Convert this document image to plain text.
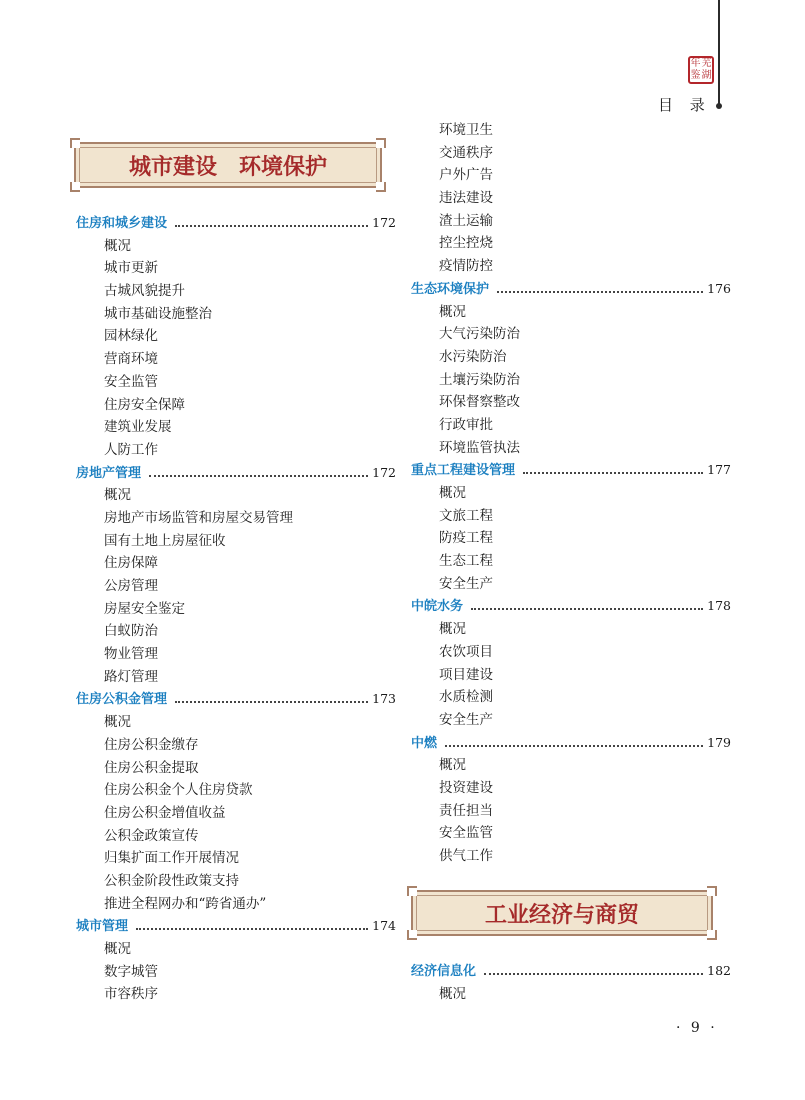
年 芜
鉴 湖
目 录
城市建设　环境保护
住房和城乡建设	172
概况
城市更新
古城风貌提升
城市基础设施整治
园林绿化
营商环境
安全监管
住房安全保障
建筑业发展
人防工作
房地产管理	172
概况
房地产市场监管和房屋交易管理
国有土地上房屋征收
住房保障
公房管理
房屋安全鉴定
白蚁防治
物业管理
路灯管理
住房公积金管理	173
概况
住房公积金缴存
住房公积金提取
住房公积金个人住房贷款
住房公积金增值收益
公积金政策宣传
归集扩面工作开展情况
公积金阶段性政策支持
推进全程网办和“跨省通办”
城市管理	174
概况
数字城管
市容秩序
环境卫生
交通秩序
户外广告
违法建设
渣土运输
控尘控烧
疫情防控
生态环境保护	176
概况
大气污染防治
水污染防治
土壤污染防治
环保督察整改
行政审批
环境监管执法
重点工程建设管理	177
概况
文旅工程
防疫工程
生态工程
安全生产
中皖水务	178
概况
农饮项目
项目建设
水质检测
安全生产
中燃	179
概况
投资建设
责任担当
安全监管
供气工作
工业经济与商贸
经济信息化	182
概况
· 9 ·
